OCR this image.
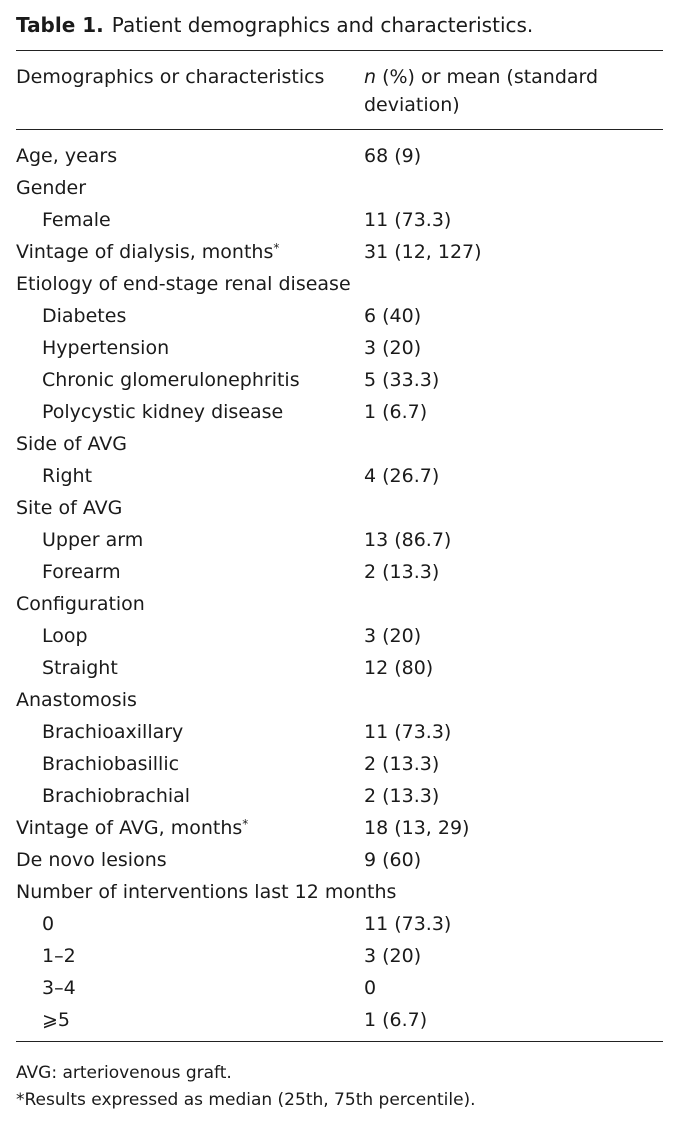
Table 1. Patient demographics and characteristics.
Demographics or characteristics	n (%) or mean (standard deviation)
Age, years	68 (9)
Gender
Female	11 (73.3)
Vintage of dialysis, months*	31 (12, 127)
Etiology of end-stage renal disease
Diabetes	6 (40)
Hypertension	3 (20)
Chronic glomerulonephritis	5 (33.3)
Polycystic kidney disease	1 (6.7)
Side of AVG
Right	4 (26.7)
Site of AVG
Upper arm	13 (86.7)
Forearm	2 (13.3)
Configuration
Loop	3 (20)
Straight	12 (80)
Anastomosis
Brachioaxillary	11 (73.3)
Brachiobasillic	2 (13.3)
Brachiobrachial	2 (13.3)
Vintage of AVG, months*	18 (13, 29)
De novo lesions	9 (60)
Number of interventions last 12 months
0	11 (73.3)
1–2	3 (20)
3–4	0
⩾5	1 (6.7)
AVG: arteriovenous graft.
*Results expressed as median (25th, 75th percentile).
